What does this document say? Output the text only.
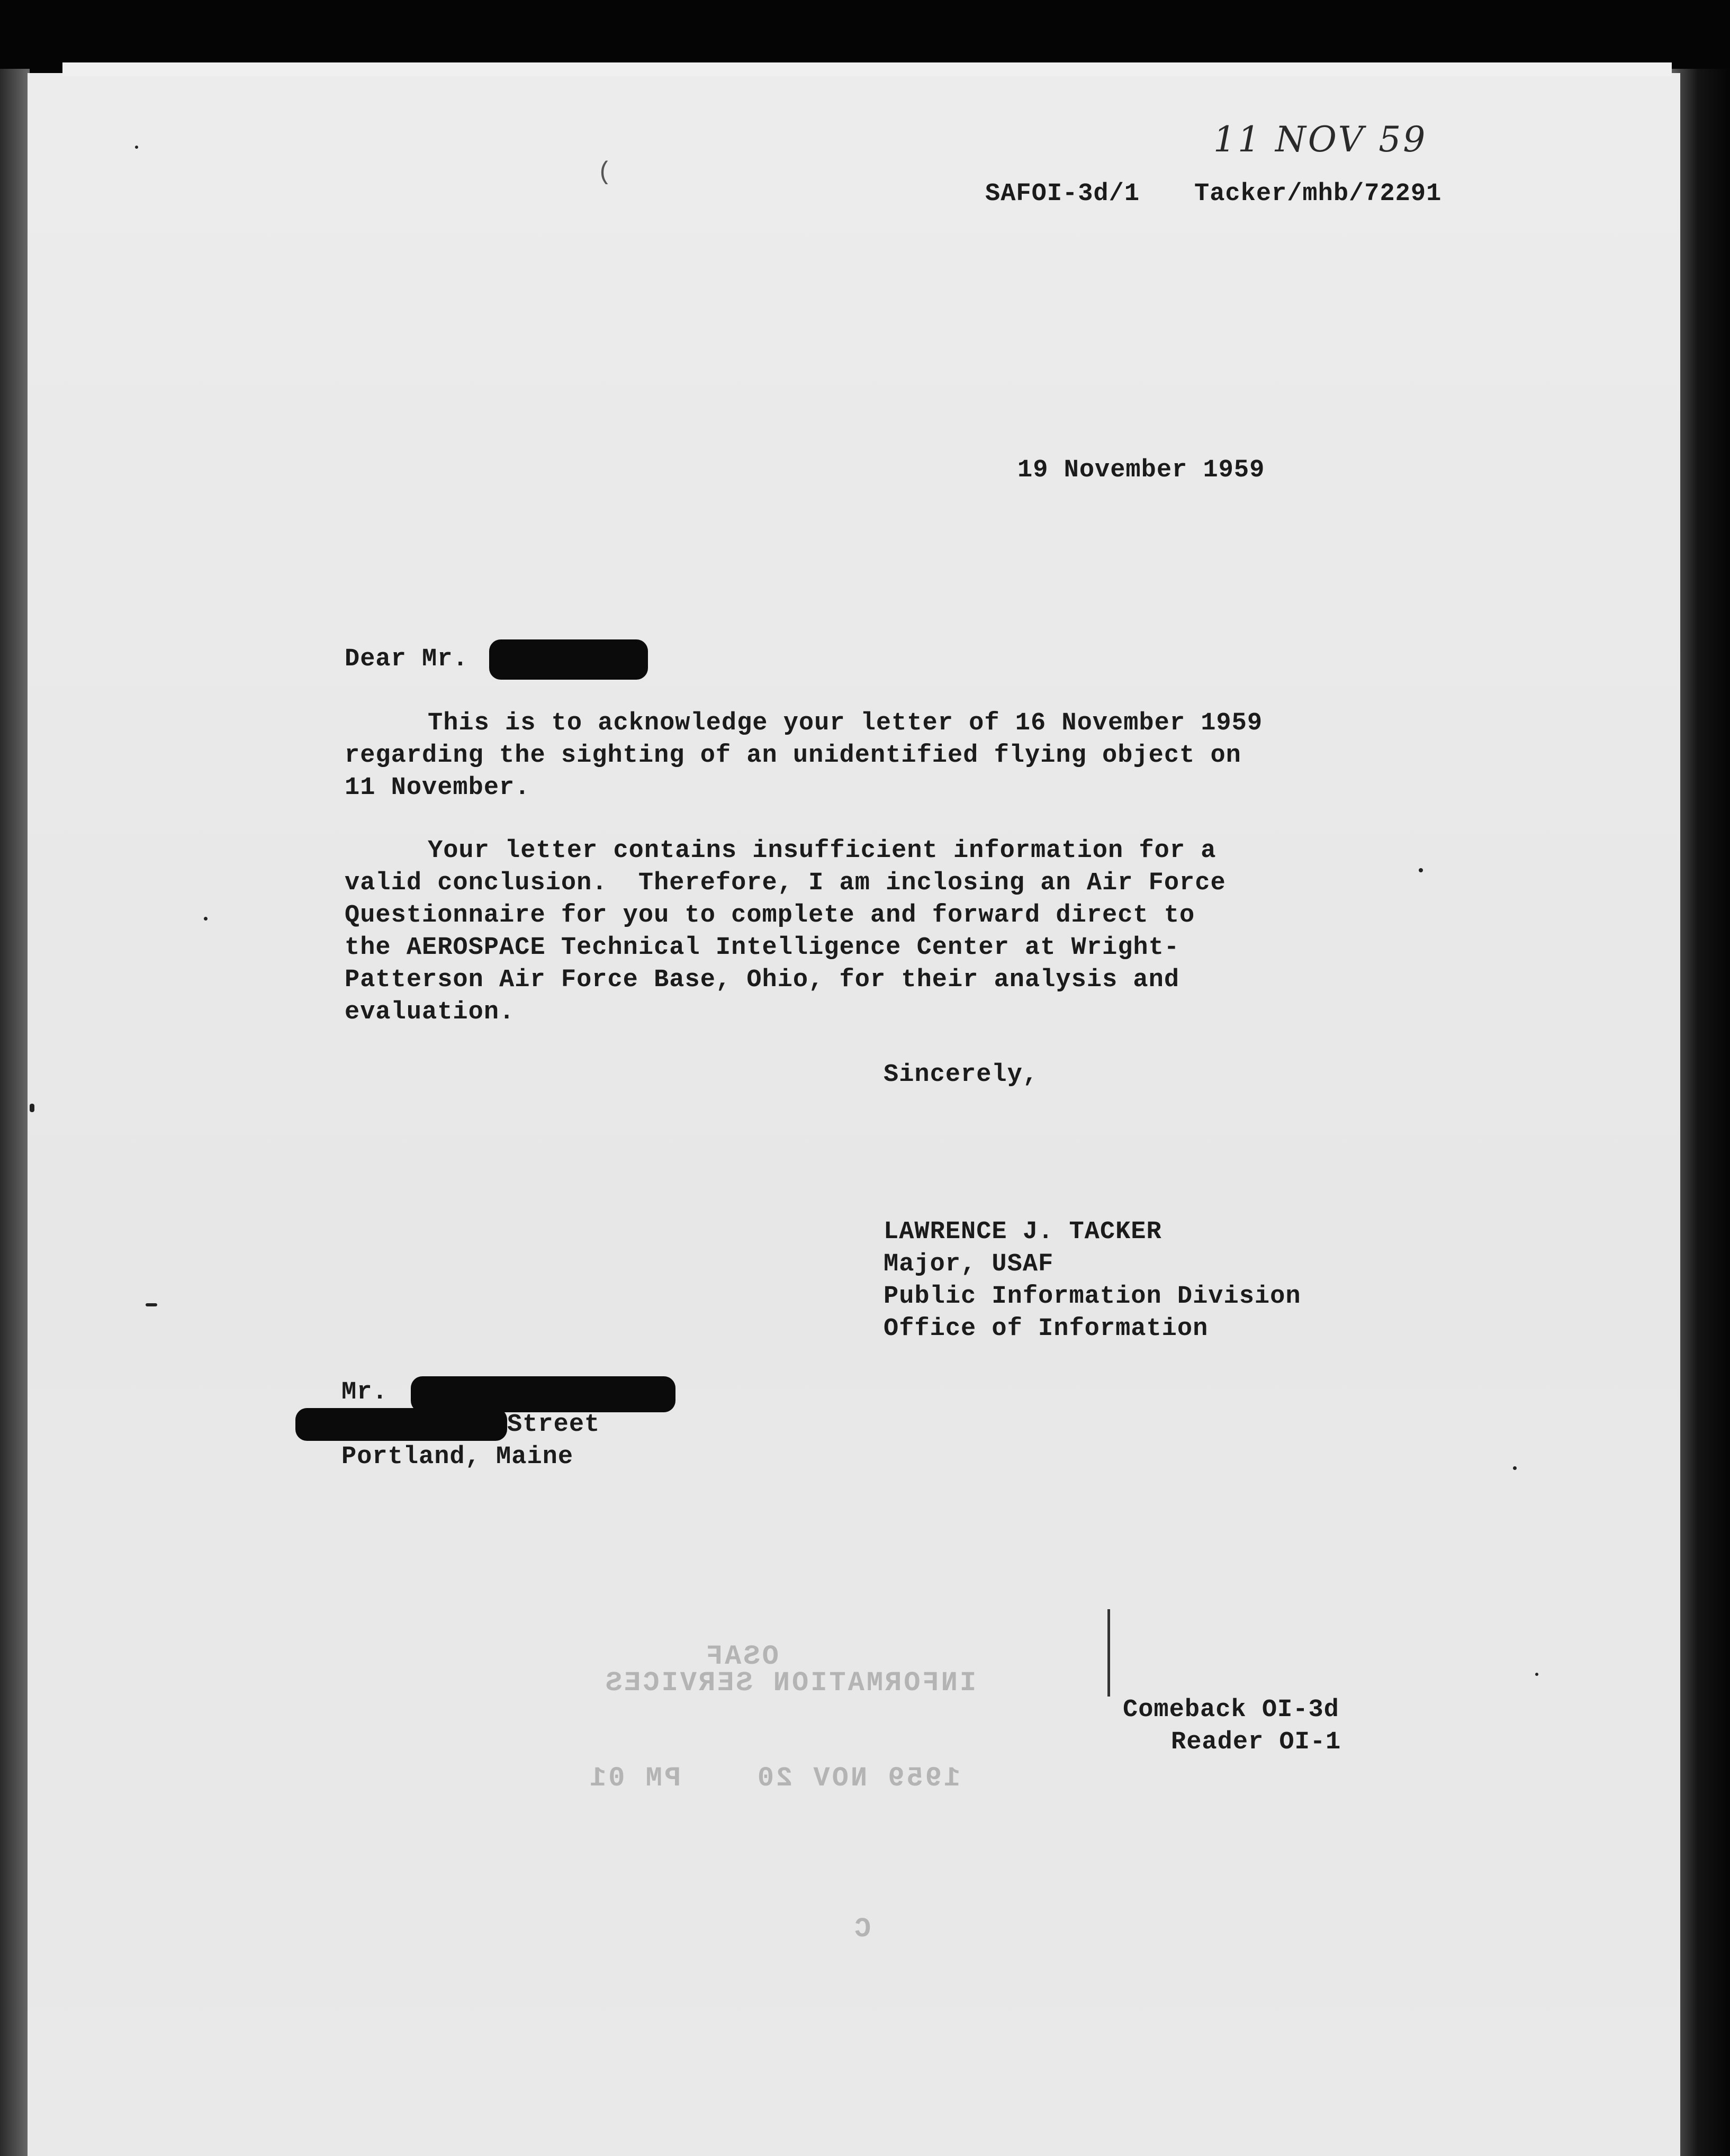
11 NOV 59
SAFOI-3d/1 Tacker/mhb/72291
19 November 1959
Dear Mr.
This is to acknowledge your letter of 16 November 1959
regarding the sighting of an unidentified flying object on
11 November.
Your letter contains insufficient information for a
valid conclusion.  Therefore, I am inclosing an Air Force
Questionnaire for you to complete and forward direct to
the AEROSPACE Technical Intelligence Center at Wright-
Patterson Air Force Base, Ohio, for their analysis and
evaluation.
Sincerely,
LAWRENCE J. TACKER
Major, USAF
Public Information Division
Office of Information
Mr.
Street
Portland, Maine
OSAF
INFORMATION SERVICES
1959 NOV 20    PM 01
C
Comeback OI-3d
Reader OI-1
(
